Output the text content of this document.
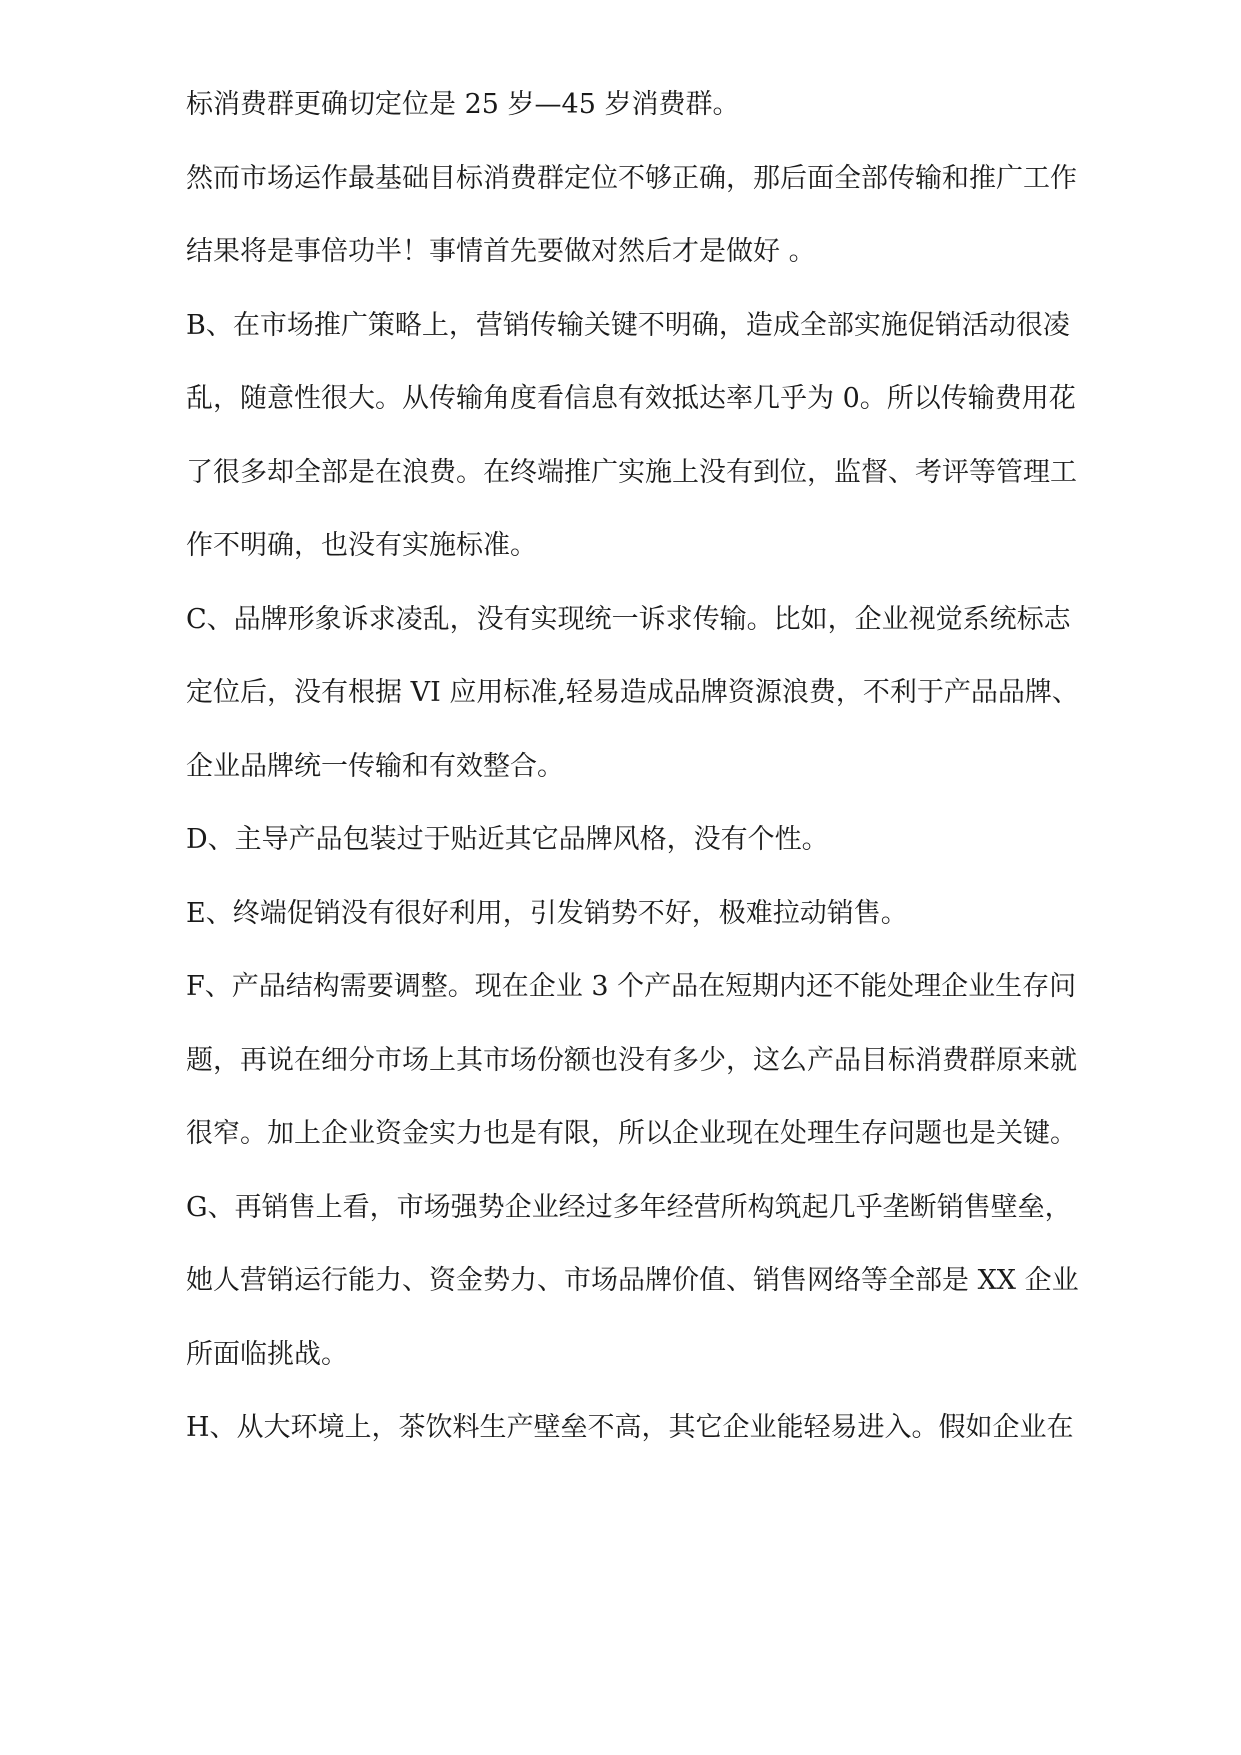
标消费群更确切定位是 25 岁—45 岁消费群。
然而市场运作最基础目标消费群定位不够正确，那后面全部传输和推广工作
结果将是事倍功半！事情首先要做对然后才是做好 。
B、在市场推广策略上，营销传输关键不明确，造成全部实施促销活动很凌
乱，随意性很大。从传输角度看信息有效抵达率几乎为 0。所以传输费用花
了很多却全部是在浪费。在终端推广实施上没有到位，监督、考评等管理工
作不明确，也没有实施标准。
C、品牌形象诉求凌乱，没有实现统一诉求传输。比如，企业视觉系统标志
定位后，没有根据 VI 应用标准,轻易造成品牌资源浪费，不利于产品品牌、
企业品牌统一传输和有效整合。
D、主导产品包装过于贴近其它品牌风格，没有个性。
E、终端促销没有很好利用，引发销势不好，极难拉动销售。
F、产品结构需要调整。现在企业 3 个产品在短期内还不能处理企业生存问
题，再说在细分市场上其市场份额也没有多少，这么产品目标消费群原来就
很窄。加上企业资金实力也是有限，所以企业现在处理生存问题也是关键。
G、再销售上看，市场强势企业经过多年经营所构筑起几乎垄断销售壁垒，
她人营销运行能力、资金势力、市场品牌价值、销售网络等全部是 XX 企业
所面临挑战。
H、从大环境上，茶饮料生产壁垒不高，其它企业能轻易进入。假如企业在
